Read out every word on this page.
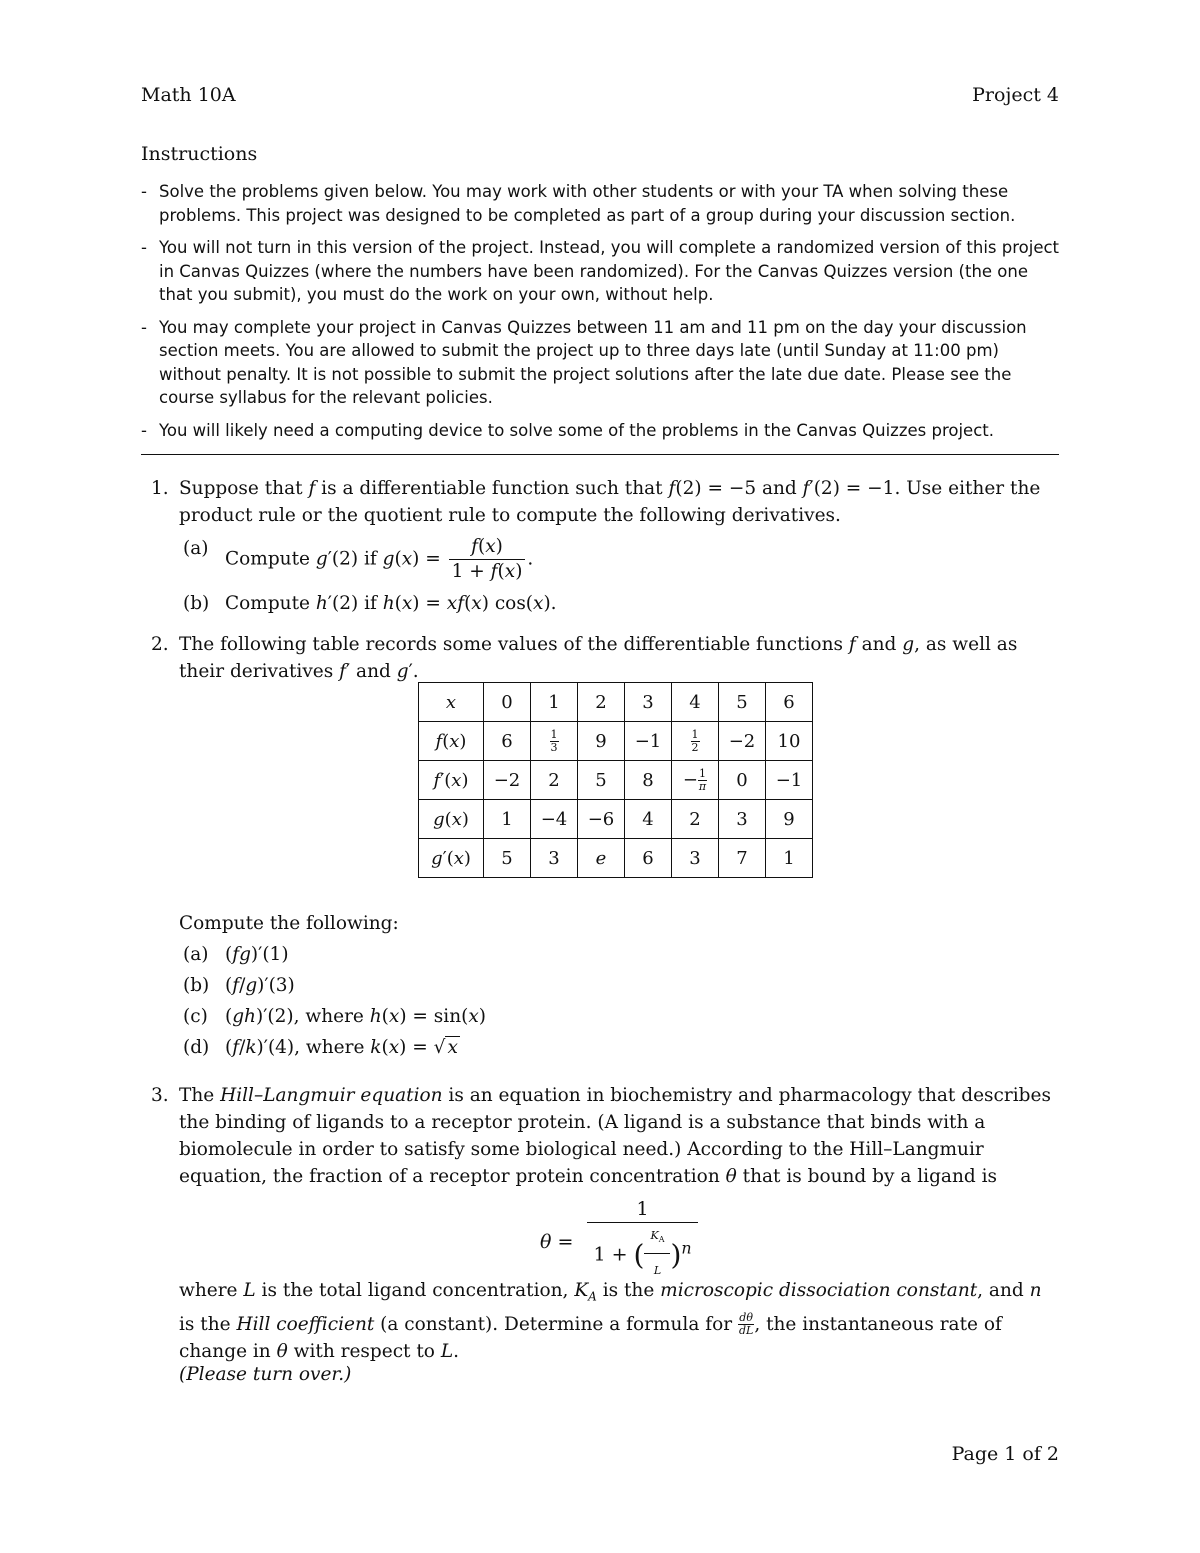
Math 10A	Project 4
Instructions
- Solve the problems given below. You may work with other students or with your TA when solving these problems. This project was designed to be completed as part of a group during your discussion section.
- You will not turn in this version of the project. Instead, you will complete a randomized version of this project in Canvas Quizzes (where the numbers have been randomized). For the Canvas Quizzes version (the one that you submit), you must do the work on your own, without help.
- You may complete your project in Canvas Quizzes between 11 am and 11 pm on the day your discussion section meets. You are allowed to submit the project up to three days late (until Sunday at 11:00 pm) without penalty. It is not possible to submit the project solutions after the late due date. Please see the course syllabus for the relevant policies.
- You will likely need a computing device to solve some of the problems in the Canvas Quizzes project.
1. Suppose that f is a differentiable function such that f(2) = −5 and f′(2) = −1. Use either the product rule or the quotient rule to compute the following derivatives.
(a) Compute g′(2) if $g(x) = \frac{f(x)}{1 + f(x)}$ .
(b) Compute h′(2) if h(x) = xf(x) cos(x).
2. The following table records some values of the differentiable functions f and g, as well as their derivatives f′ and g′.
x	0	1	2	3	4	5	6
f(x)	6	$\frac{1}{3}$	9	−1	$\frac{1}{2}$	−2	10
f′(x)	−2	2	5	8	− $\frac{1}{\pi}$	0	−1
g(x)	1	−4	−6	4	2	3	9
g′(x)	5	3	e	6	3	7	1
Compute the following:
(a) (fg)′(1)
(b) (f/g)′(3)
(c) (gh)′(2), where h(x) = sin(x)
(d) (f/k)′(4), where k(x) = √ x
3. The Hill–Langmuir equation is an equation in biochemistry and pharmacology that describes the binding of ligands to a receptor protein. (A ligand is a substance that binds with a biomolecule in order to satisfy some biological need.) According to the Hill–Langmuir equation, the fraction of a receptor protein concentration θ that is bound by a ligand is
θ =
1
1 + ( $\frac{K_A}{L} )^n$
where L is the total ligand concentration, $K_A$ is the microscopic dissociation constant, and n is the Hill coefficient (a constant). Determine a formula for $\frac{d\theta}{dL}$ , the instantaneous rate of change in θ with respect to L.
(Please turn over.)
Page 1 of 2
